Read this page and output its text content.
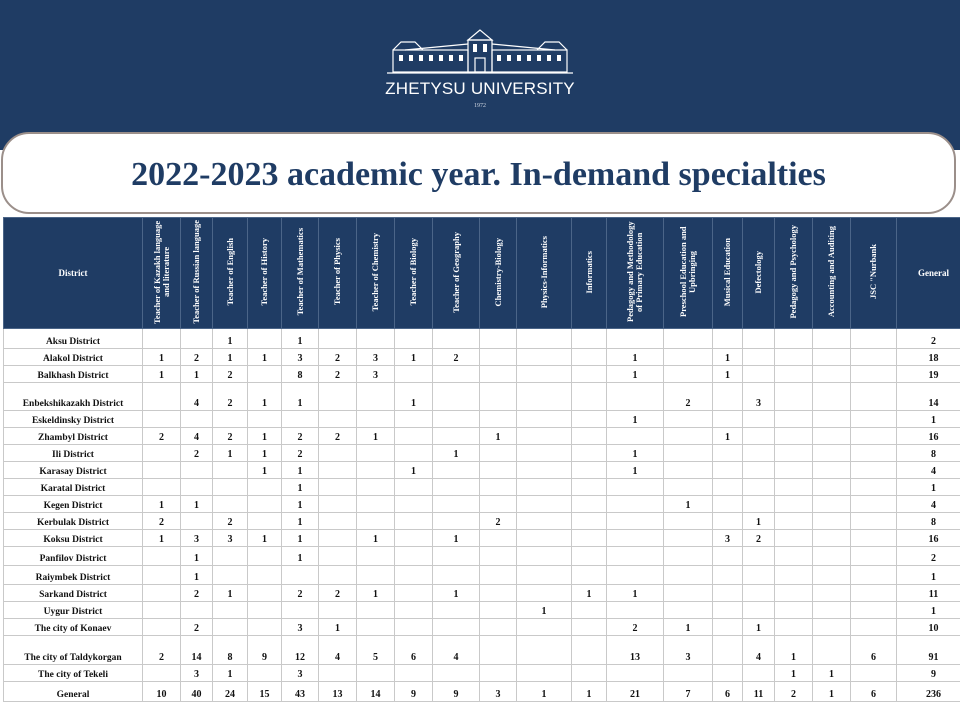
ZHETYSU UNIVERSITY
1972
2022-2023 academic year. In-demand specialties
District	Teacher of Kazakh language and literature	Teacher of Russian language	Teacher of English	Teacher of History	Teacher of Mathematics	Teacher of Physics	Teacher of Chemistry	Teacher of Biology	Teacher of Geography	Chemistry-Biology	Physics-Informatics	Informatics	Pedagogy and Methodology of Primary Education	Preschool Education and Upbringing	Musical Education	Defectology	Pedagogy and Psychology	Accounting and Auditing	JSC "Nurbank	General
Aksu District			1		1															2
Alakol District	1	2	1	1	3	2	3	1	2				1		1					18
Balkhash District	1	1	2		8	2	3						1		1					19
Enbekshikazakh District		4	2	1	1			1						2		3				14
Eskeldinsky District													1							1
Zhambyl District	2	4	2	1	2	2	1			1					1					16
Ili District		2	1	1	2				1				1							8
Karasay District				1	1			1					1							4
Karatal District					1															1
Kegen District	1	1			1									1						4
Kerbulak District	2		2		1					2						1				8
Koksu District	1	3	3	1	1		1		1						3	2				16
Panfilov District		1			1															2
Raiymbek District		1																		1
Sarkand District		2	1		2	2	1		1			1	1							11
Uygur District											1									1
The city of Konaev		2			3	1							2	1		1				10
The city of Taldykorgan	2	14	8	9	12	4	5	6	4				13	3		4	1		6	91
The city of Tekeli		3	1		3												1	1		9
General	10	40	24	15	43	13	14	9	9	3	1	1	21	7	6	11	2	1	6	236
